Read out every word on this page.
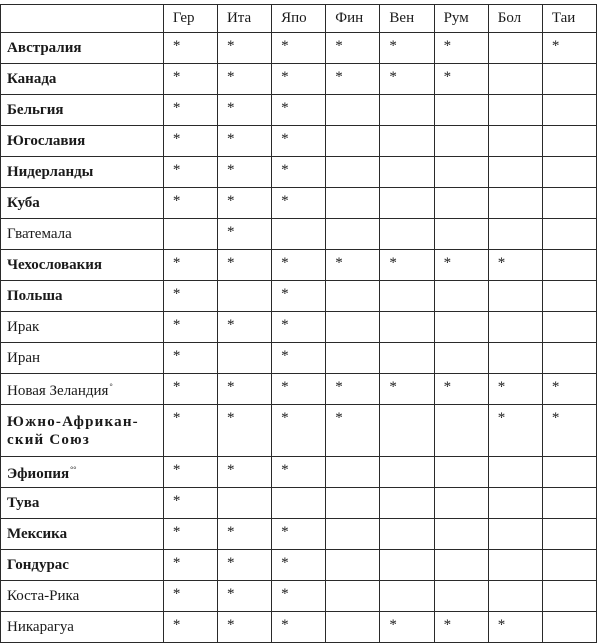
	Гер	Ита	Япо	Фин	Вен	Рум	Бол	Таи
Австралия	*	*	*	*	*	*		*
Канада	*	*	*	*	*	*		
Бельгия	*	*	*					
Югославия	*	*	*					
Нидерланды	*	*	*					
Куба	*	*	*					
Гватемала		*						
Чехословакия	*	*	*	*	*	*	*	
Польша	*		*					
Ирак	*	*	*					
Иран	*		*					
Новая Зеландия°	*	*	*	*	*	*	*	*
Южно-Африкан-
ский Союз	*	*	*	*			*	*
Эфиопия°°	*	*	*					
Тува	*							
Мексика	*	*	*					
Гондурас	*	*	*					
Коста-Рика	*	*	*					
Никарагуа	*	*	*		*	*	*	
